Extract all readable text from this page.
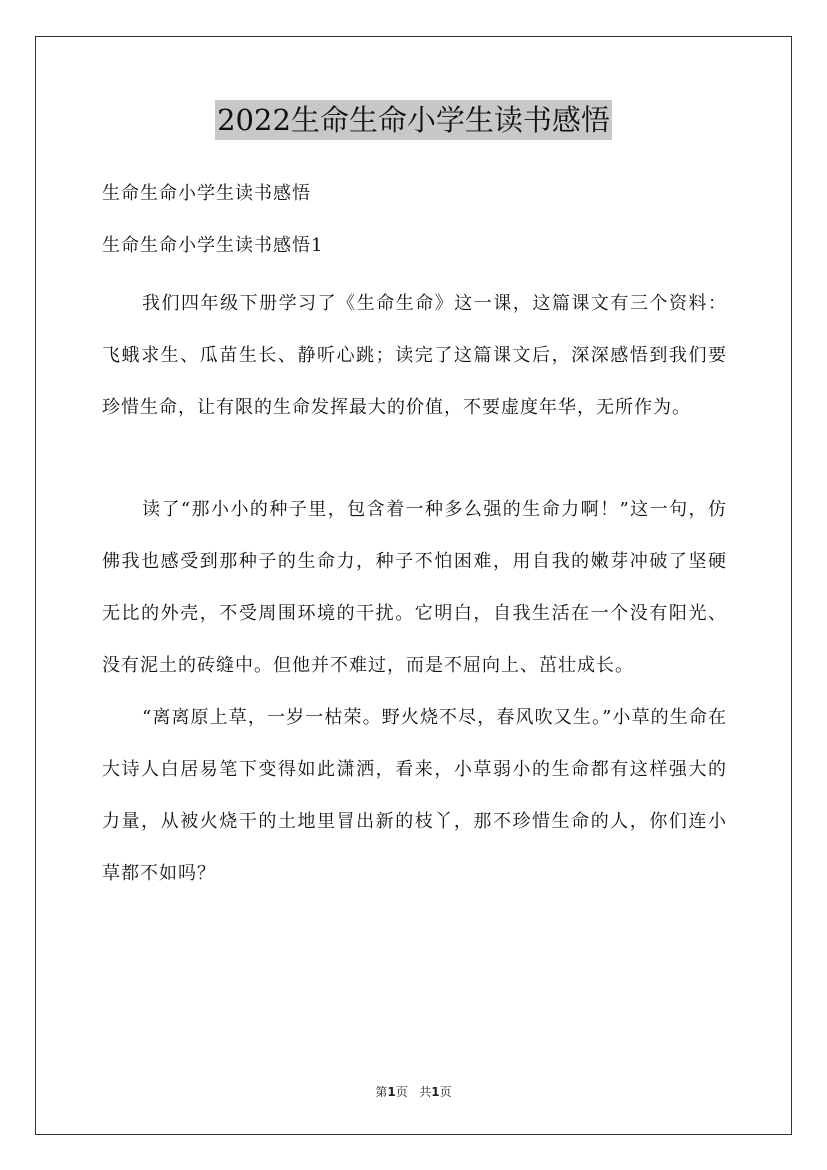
2022生命生命小学生读书感悟
生命生命小学生读书感悟
生命生命小学生读书感悟1

我们四年级下册学习了《生命生命》这一课，这篇课文有三个资料：飞蛾求生、瓜苗生长、静听心跳；读完了这篇课文后，深深感悟到我们要珍惜生命，让有限的生命发挥最大的价值，不要虚度年华，无所作为。

读了“那小小的种子里，包含着一种多么强的生命力啊！”这一句，仿佛我也感受到那种子的生命力，种子不怕困难，用自我的嫩芽冲破了坚硬无比的外壳，不受周围环境的干扰。它明白，自我生活在一个没有阳光、没有泥土的砖缝中。但他并不难过，而是不屈向上、茁壮成长。

“离离原上草，一岁一枯荣。野火烧不尽，春风吹又生。”小草的生命在大诗人白居易笔下变得如此潇洒，看来，小草弱小的生命都有这样强大的力量，从被火烧干的土地里冒出新的枝丫，那不珍惜生命的人，你们连小草都不如吗？

第1页 共1页
